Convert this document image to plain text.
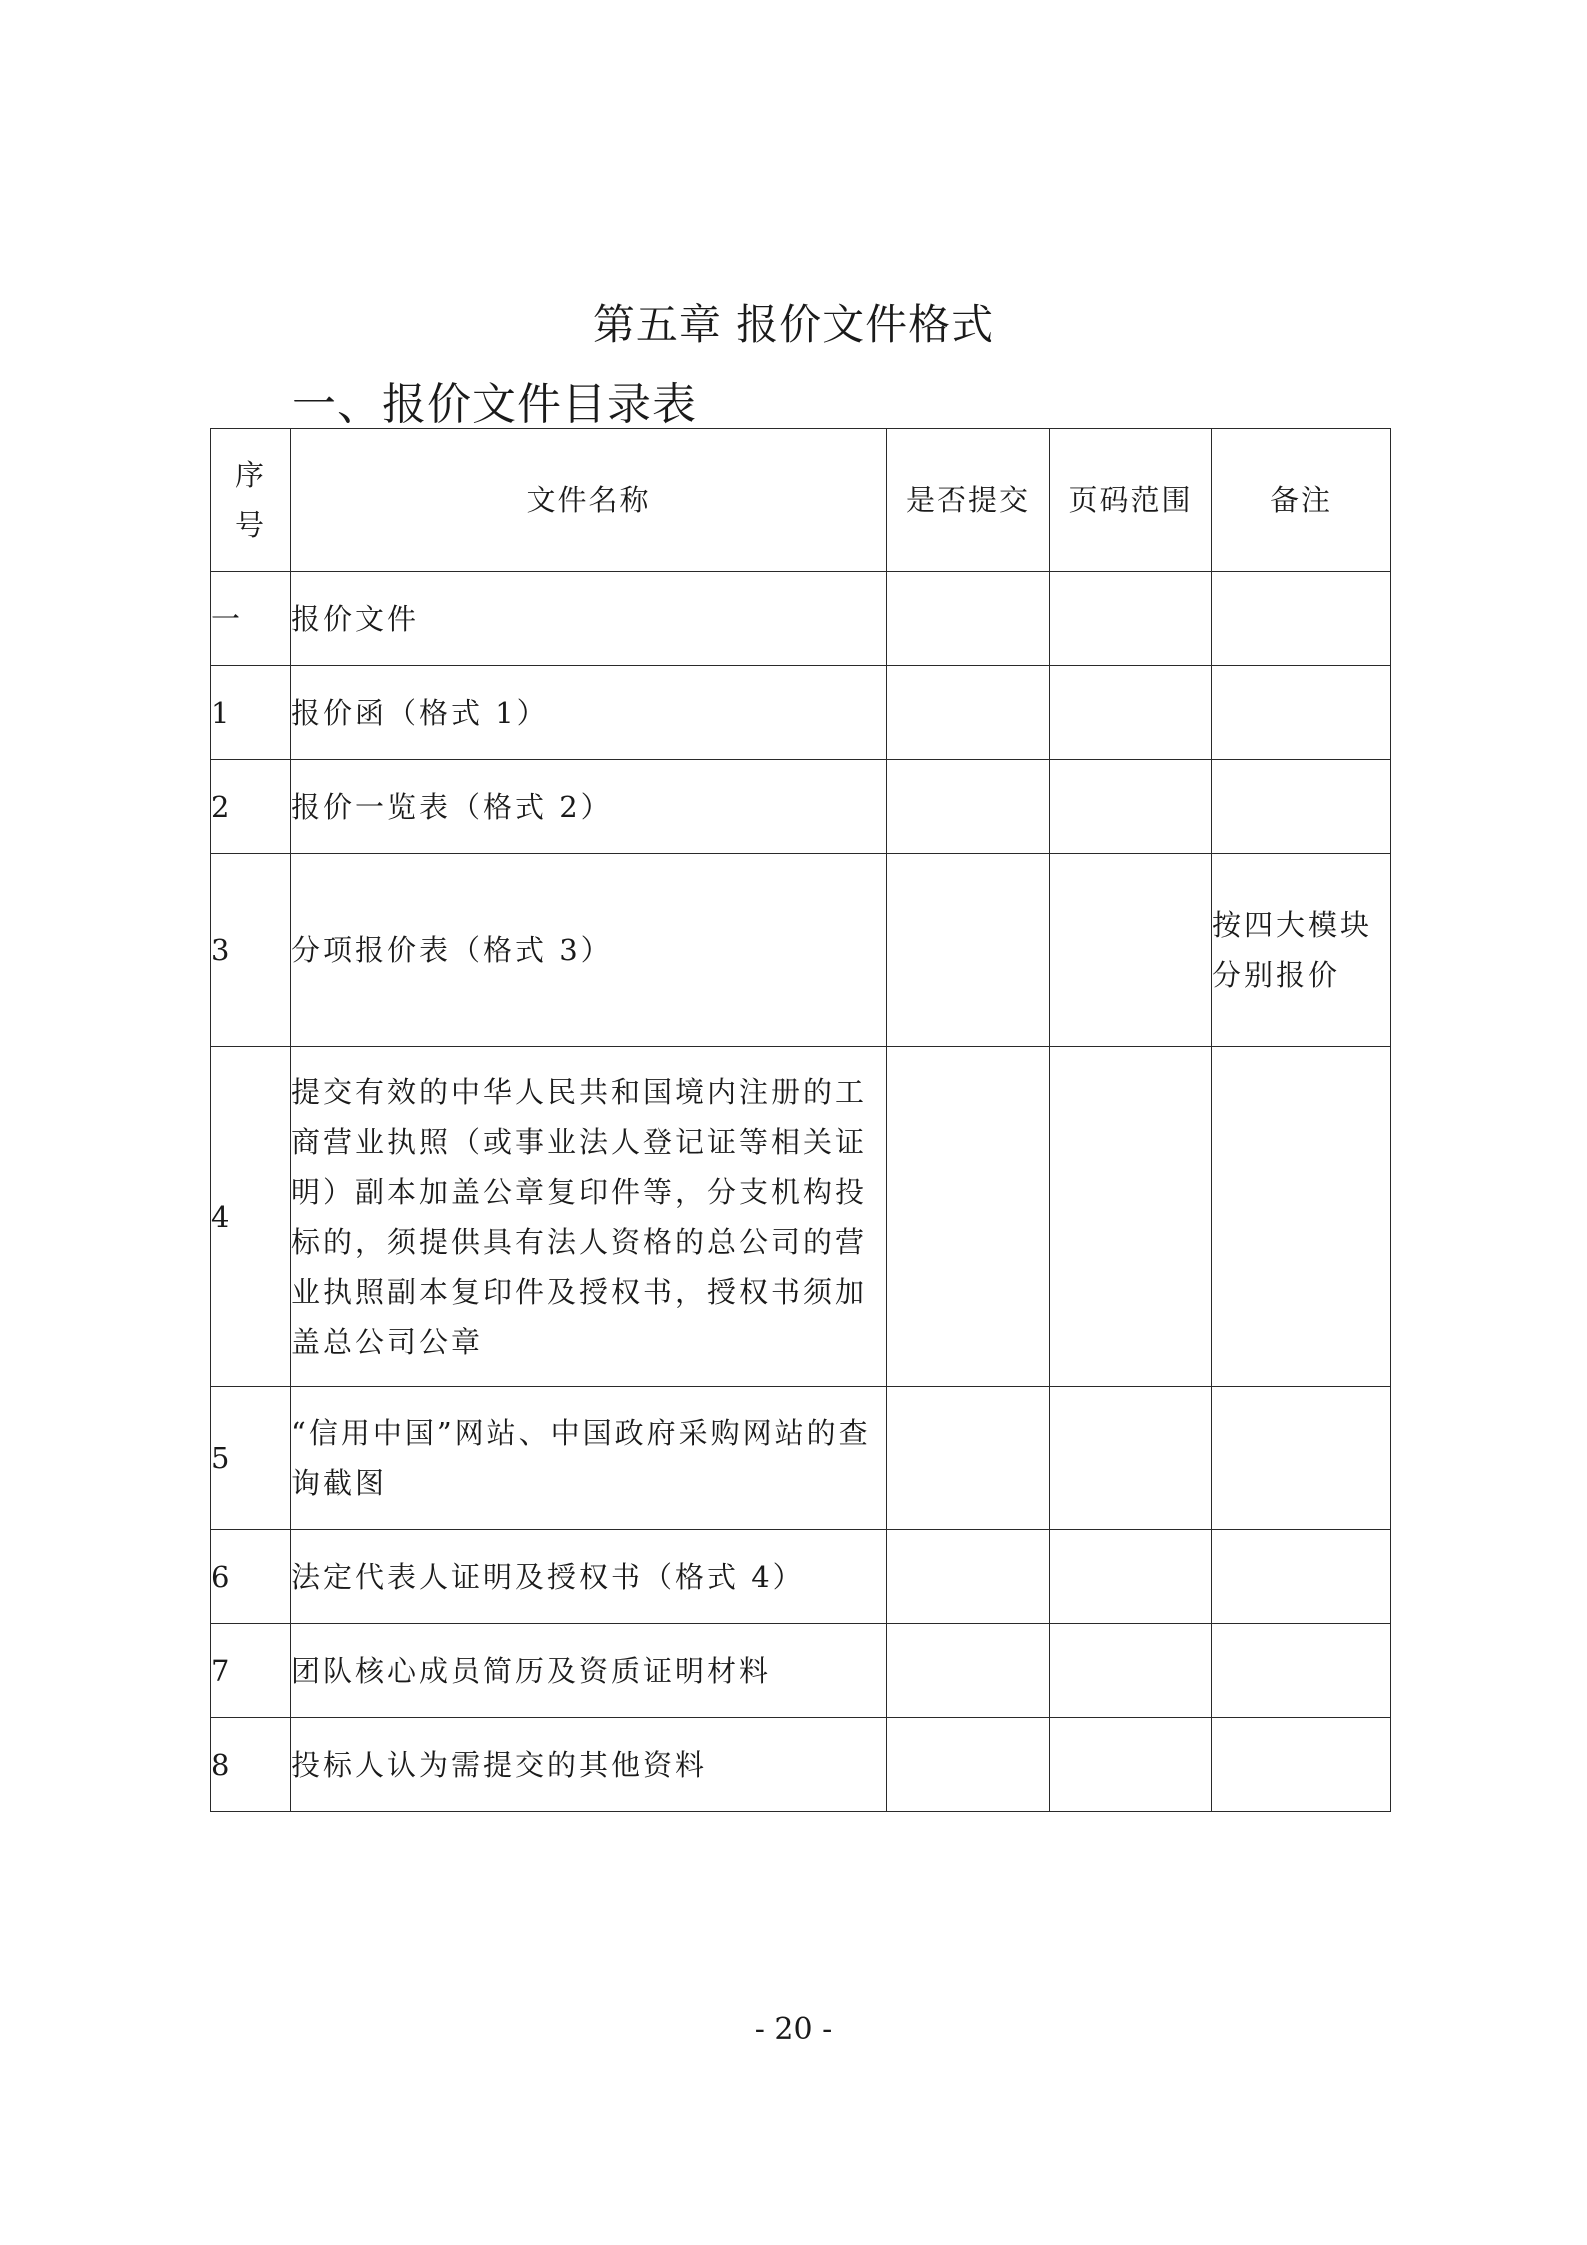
第五章 报价文件格式
一、报价文件目录表
序号	文件名称	是否提交	页码范围	备注
一	报价文件			
1	报价函（格式 1）			
2	报价一览表（格式 2）			
3	分项报价表（格式 3）			按四大模块分别报价
4	提交有效的中华人民共和国境内注册的工商营业执照（或事业法人登记证等相关证明）副本加盖公章复印件等，分支机构投标的，须提供具有法人资格的总公司的营业执照副本复印件及授权书，授权书须加盖总公司公章			
5	“信用中国”网站、中国政府采购网站的查询截图			
6	法定代表人证明及授权书（格式 4）			
7	团队核心成员简历及资质证明材料			
8	投标人认为需提交的其他资料			
- 20 -
